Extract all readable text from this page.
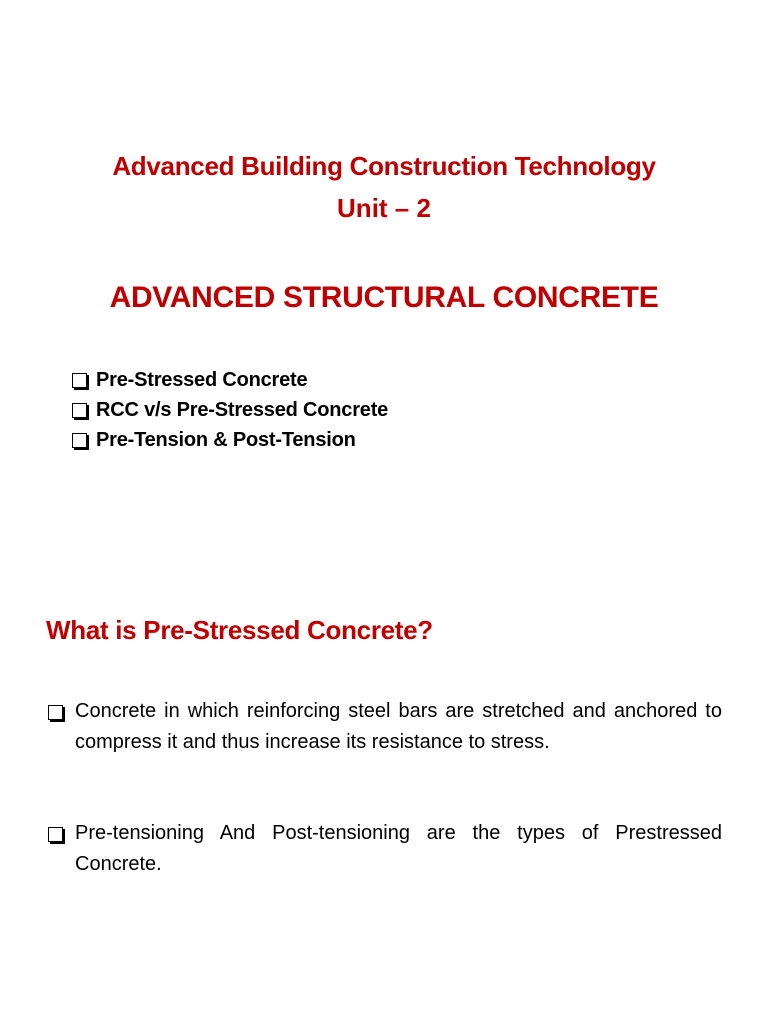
Advanced Building Construction Technology
Unit – 2
ADVANCED STRUCTURAL CONCRETE
Pre-Stressed Concrete
RCC v/s Pre-Stressed Concrete
Pre-Tension & Post-Tension
What is Pre-Stressed Concrete?
Concrete in which reinforcing steel bars are stretched and anchored to compress it and thus increase its resistance to stress.
Pre-tensioning And Post-tensioning are the types of Prestressed Concrete.
